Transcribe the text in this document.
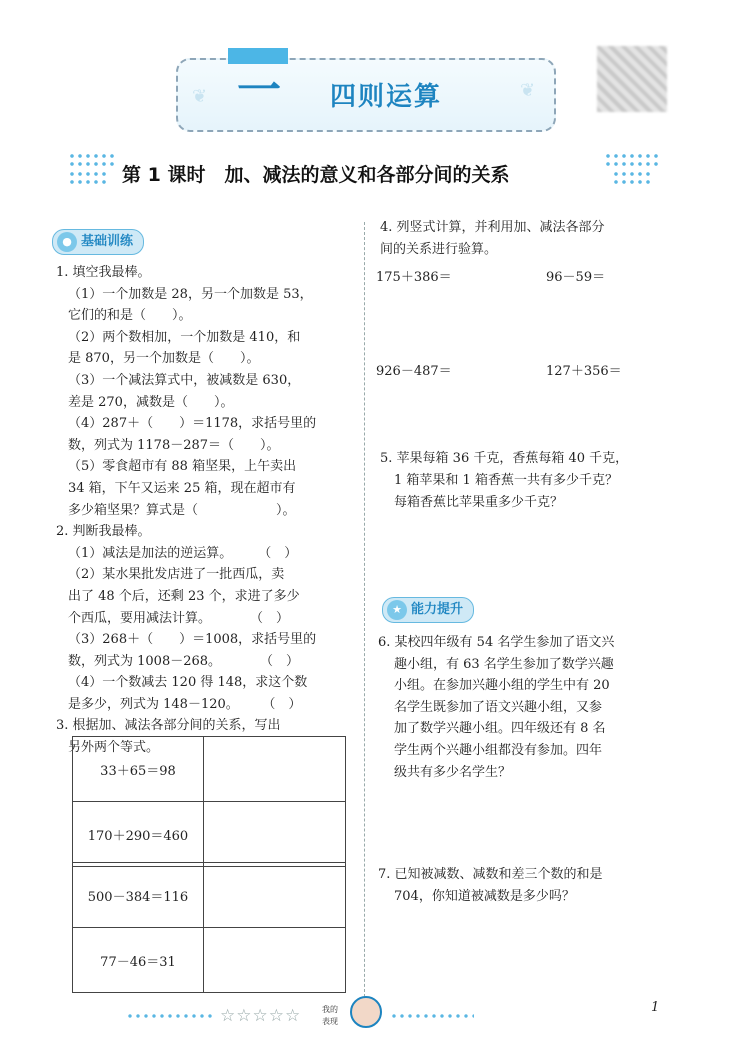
❦	❦
一	四则运算
第 1 课时　加、减法的意义和各部分间的关系
● 基础训练
1. 填空我最棒。
（1）一个加数是 28，另一个加数是 53，
它们的和是（　　）。
（2）两个数相加，一个加数是 410，和
是 870，另一个加数是（　　）。
（3）一个减法算式中，被减数是 630，
差是 270，减数是（　　）。
（4）287＋（　　）＝1178，求括号里的
数，列式为 1178－287＝（　　）。
（5）零食超市有 88 箱坚果，上午卖出
34 箱，下午又运来 25 箱，现在超市有
多少箱坚果？算式是（　　　　　　）。
2. 判断我最棒。
（1）减法是加法的逆运算。　　　（　）
（2）某水果批发店进了一批西瓜，卖
出了 48 个后，还剩 23 个，求进了多少
个西瓜，要用减法计算。　　　　（　）
（3）268＋（　　）＝1008，求括号里的
数，列式为 1008－268。　　　　（　）
（4）一个数减去 120 得 148，求这个数
是多少，列式为 148－120。　　 （　）
3. 根据加、减法各部分间的关系，写出
另外两个等式。
33＋65＝98	
170＋290＝460	
500－384＝116	
77－46＝31	
4. 列竖式计算，并利用加、减法各部分
间的关系进行验算。
175＋386＝	96－59＝
926－487＝	127＋356＝
5. 苹果每箱 36 千克，香蕉每箱 40 千克，
1 箱苹果和 1 箱香蕉一共有多少千克？
每箱香蕉比苹果重多少千克？
★ 能力提升
6. 某校四年级有 54 名学生参加了语文兴
趣小组，有 63 名学生参加了数学兴趣
小组。在参加兴趣小组的学生中有 20
名学生既参加了语文兴趣小组，又参
加了数学兴趣小组。四年级还有 8 名
学生两个兴趣小组都没有参加。四年
级共有多少名学生？
7. 已知被减数、减数和差三个数的和是
704，你知道被减数是多少吗？
☆☆☆☆☆	我的
表现
1
